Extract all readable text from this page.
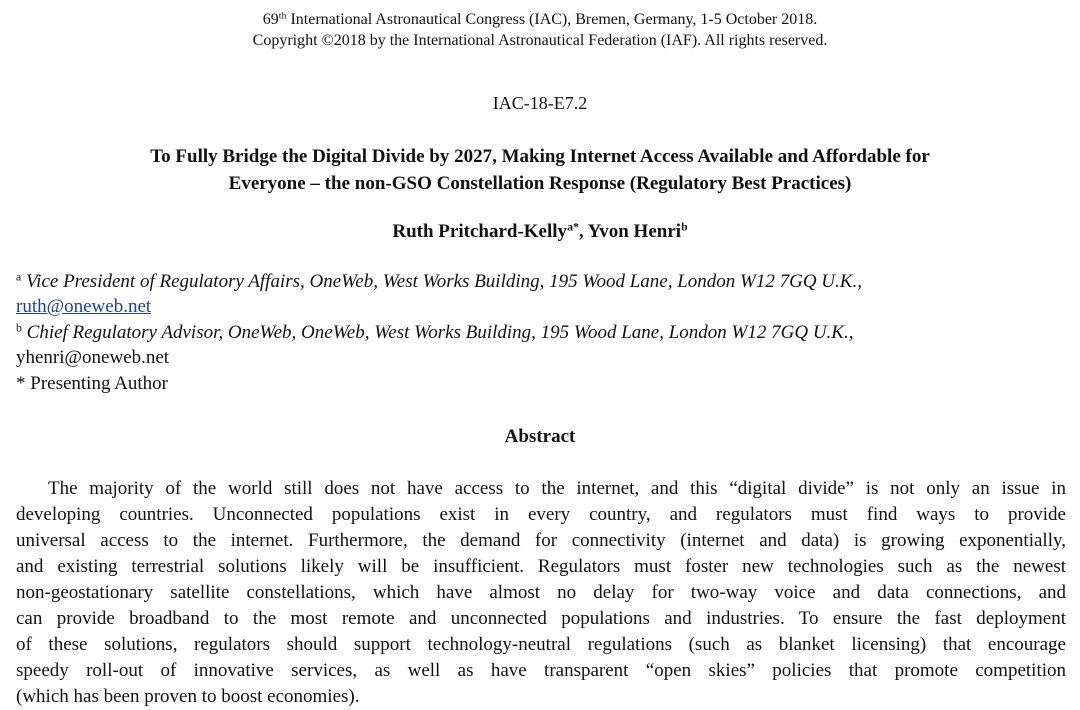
69th International Astronautical Congress (IAC), Bremen, Germany, 1-5 October 2018.
Copyright ©2018 by the International Astronautical Federation (IAF). All rights reserved.
IAC-18-E7.2
To Fully Bridge the Digital Divide by 2027, Making Internet Access Available and Affordable for
Everyone – the non-GSO Constellation Response (Regulatory Best Practices)
Ruth Pritchard-Kelly$^{a*}$, Yvon Henri$^b$
$^a$ Vice President of Regulatory Affairs, OneWeb, West Works Building, 195 Wood Lane, London W12 7GQ U.K.,
ruth@oneweb.net
$^b$ Chief Regulatory Advisor, OneWeb, OneWeb, West Works Building, 195 Wood Lane, London W12 7GQ U.K.,
yhenri@oneweb.net
* Presenting Author
Abstract
The majority of the world still does not have access to the internet, and this “digital divide” is not only an issue in
developing countries. Unconnected populations exist in every country, and regulators must find ways to provide
universal access to the internet. Furthermore, the demand for connectivity (internet and data) is growing exponentially,
and existing terrestrial solutions likely will be insufficient. Regulators must foster new technologies such as the newest
non-geostationary satellite constellations, which have almost no delay for two-way voice and data connections, and
can provide broadband to the most remote and unconnected populations and industries. To ensure the fast deployment
of these solutions, regulators should support technology-neutral regulations (such as blanket licensing) that encourage
speedy roll-out of innovative services, as well as have transparent “open skies” policies that promote competition
(which has been proven to boost economies).
